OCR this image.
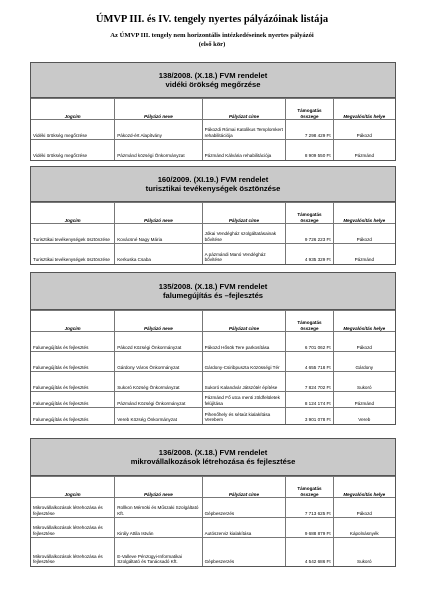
ÚMVP III. és IV. tengely nyertes pályázóinak listája
Az ÚMVP III. tengely nem horizontális intézkedéseinek nyertes pályázói
(első kör)
138/2008. (X.18.) FVM rendelet
vidéki örökség megőrzése
Jogcím	Pályázó neve	Pályázat címe	Támogatás összege	Megvalósítás helye
Vidéki örökség megőrzése	Pákozd-ért Alapítvány	Pákozdi Római Katolikus Templomkert rehabilitációja	7 298 429 Ft	Pákozd
Vidéki örökség megőrzése	Pázmánd községi Önkormányzat	Pázmánd Kálvária rehabilitációja	8 909 550 Ft	Pázmánd
160/2009. (XI.19.) FVM rendelet
turisztikai tevékenységek ösztönzése
Jogcím	Pályázó neve	Pályázat címe	Támogatás összege	Megvalósítás helye
Turisztikai tevékenységek ösztönzése	Kovácsné Nagy Mária	Jókai Vendégház szolgáltatásainak bővítése	9 726 223 Ft	Pákozd
Turisztikai tevékenységek ösztönzése	Kerkuska Csaba	A pázmándi Manó Vendégház bővítése	4 935 329 Ft	Pázmánd
135/2008. (X.18.) FVM rendelet
falumegújítás és –fejlesztés
Jogcím	Pályázó neve	Pályázat címe	Támogatás összege	Megvalósítás helye
Falumegújítás és fejlesztés	Pákozd Községi Önkormányzat	Pákozd Hősök Tere parkosítása	6 701 062 Ft	Pákozd
Falumegújítás és fejlesztés	Gárdony Város Önkormányzat	Gárdony-Csiribpuszta Közösségi Tér	4 655 718 Ft	Gárdony
Falumegújítás és fejlesztés	Sukoró Község Önkormányzat	Sukoró Kalandvár Játszótér építése	7 824 702 Ft	Sukoró
Falumegújítás és fejlesztés	Pázmánd Községi Önkormányzat	Pázmánd Fő utca menti zöldfelületek felújítása	8 124 174 Ft	Pázmánd
Falumegújítás és fejlesztés	Vereb Község Önkormányzat	Pihenőhely és sétaút kialakítása Verebem	3 901 078 Ft	Vereb
136/2008. (X.18.) FVM rendelet
mikrovállalkozások létrehozása és fejlesztése
Jogcím	Pályázó neve	Pályázat címe	Támogatás összege	Megvalósítás helye
Mikrovállalkozások létrehozása és fejlesztése	Rollkon Mérnöki és Műszaki Szolgáltató Kft.	Gépbeszerzés	7 713 625 Ft	Pákozd
Mikrovállalkozások létrehozása és fejlesztése	Király Attila István	Autószerviz kialakítása	9 688 879 Ft	Kápolnásnyék
Mikrovállalkozások létrehozása és fejlesztése	E-Valleve Pénzügyi-Informatikai Szolgáltató és Tanácsadó Kft.	Gépbeszerzés	4 542 686 Ft	Sukoró
